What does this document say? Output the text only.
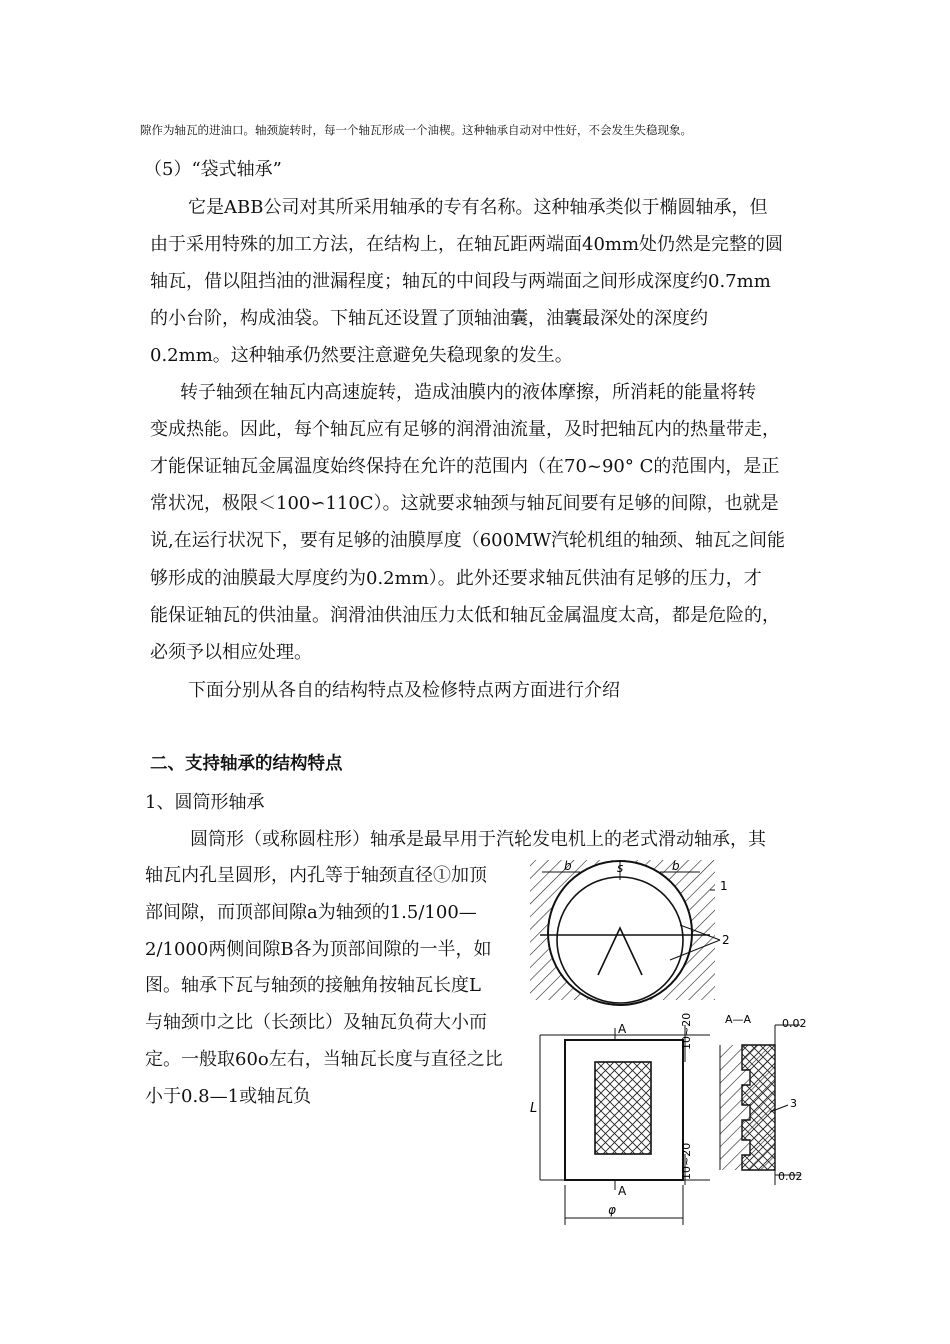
隙作为轴瓦的进油口。轴颈旋转时，每一个轴瓦形成一个油楔。这种轴承自动对中性好，不会发生失稳现象。
（5）“袋式轴承”
它是ABB公司对其所采用轴承的专有名称。这种轴承类似于椭圆轴承，但
由于采用特殊的加工方法，在结构上，在轴瓦距两端面40mm处仍然是完整的圆
轴瓦，借以阻挡油的泄漏程度；轴瓦的中间段与两端面之间形成深度约0.7mm
的小台阶，构成油袋。下轴瓦还设置了顶轴油囊，油囊最深处的深度约
0.2mm。这种轴承仍然要注意避免失稳现象的发生。
转子轴颈在轴瓦内高速旋转，造成油膜内的液体摩擦，所消耗的能量将转
变成热能。因此，每个轴瓦应有足够的润滑油流量，及时把轴瓦内的热量带走，
才能保证轴瓦金属温度始终保持在允许的范围内（在70~90° C的范围内，是正
常状况，极限＜100∽110C）。这就要求轴颈与轴瓦间要有足够的间隙，也就是
说,在运行状况下，要有足够的油膜厚度（600MW汽轮机组的轴颈、轴瓦之间能
够形成的油膜最大厚度约为0.2mm）。此外还要求轴瓦供油有足够的压力，才
能保证轴瓦的供油量。润滑油供油压力太低和轴瓦金属温度太高，都是危险的，
必须予以相应处理。
下面分别从各自的结构特点及检修特点两方面进行介绍
二、支持轴承的结构特点
1、圆筒形轴承
圆筒形（或称圆柱形）轴承是最早用于汽轮发电机上的老式滑动轴承，其
轴瓦内孔呈圆形，内孔等于轴颈直径①加顶
部间隙，而顶部间隙a为轴颈的1.5/100—
2/1000两侧间隙B各为顶部间隙的一半，如
图。轴承下瓦与轴颈的接触角按轴瓦长度L
与轴颈巾之比（长颈比）及轴瓦负荷大小而
定。一般取60o左右，当轴瓦长度与直径之比
小于0.8—1或轴瓦负
b	s	b
1
2
A	10~20
L
10~20
A
φ
A—A	0.02
3
0.02
